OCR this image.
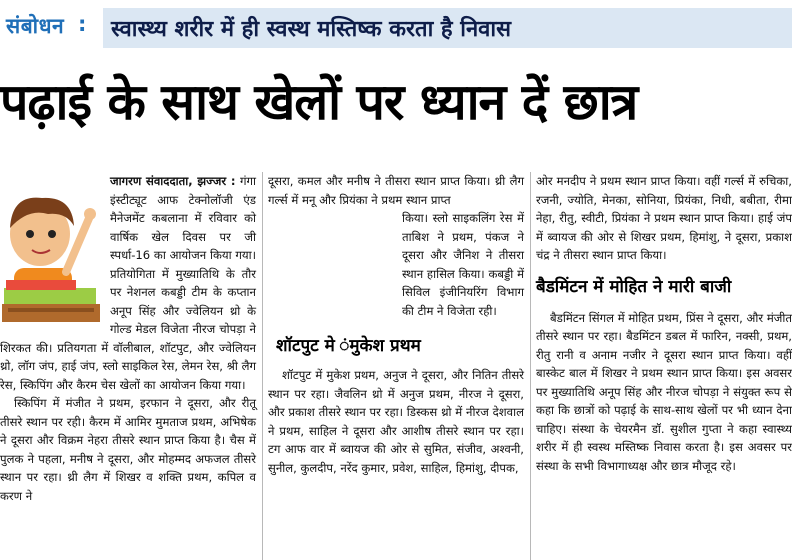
संबोधन : स्वास्थ्य शरीर में ही स्वस्थ मस्तिष्क करता है निवास
पढ़ाई के साथ खेलों पर ध्यान दें छात्र

जागरण संवाददाता, झज्जर : गंगा इंस्टीट्यूट आफ टेक्नोलॉजी एंड मैनेजमेंट कबलाना में रविवार को वार्षिक खेल दिवस पर जी स्पर्धा-16 का आयोजन किया गया। प्रतियोगिता में मुख्यातिथि के तौर पर नेशनल कबड्डी टीम के कप्तान अनूप सिंह और ज्वेलियन थ्रो के गोल्ड मेडल विजेता नीरज चोपड़ा ने शिरकत की। प्रतियगता में वॉलीबाल, शॉटपुट, और ज्वेलियन थ्रो, लॉग जंप, हाई जंप, स्लो साइकिल रेस, लेमन रेस, श्री लैग रेस, स्किपिंग और कैरम चेस खेलों का आयोजन किया गया।

स्किपिंग में मंजीत ने प्रथम, इरफान ने दूसरा, और रीतू तीसरे स्थान पर रही। कैरम में आमिर मुमताज प्रथम, अभिषेक ने दूसरा और विक्रम नेहरा तीसरे स्थान प्राप्त किया है। चैस में पुलक ने पहला, मनीष ने दूसरा, और मोहम्मद अफजल तीसरे स्थान पर रहा। थ्री लैग में शिखर व शक्ति प्रथम, कपिल व करण ने

दूसरा, कमल और मनीष ने तीसरा स्थान प्राप्त किया। थ्री लैग गर्ल्स में मनू और प्रियंका ने प्रथम स्थान प्राप्त

किया। स्लो साइकलिंग रेस में ताबिश ने प्रथम, पंकज ने दूसरा और जैनिश ने तीसरा स्थान हासिल किया। कबड्डी में सिविल इंजीनियरिंग विभाग की टीम ने विजेता रही।

शॉटपुट मे ंमुकेश प्रथम

शॉटपुट में मुकेश प्रथम, अनुज ने दूसरा, और नितिन तीसरे स्थान पर रहा। जैवलिन थ्रो में अनुज प्रथम, नीरज ने दूसरा, और प्रकाश तीसरे स्थान पर रहा। डिस्कस थ्रो में नीरज देशवाल ने प्रथम, साहिल ने दूसरा और आशीष तीसरे स्थान पर रहा। टग आफ वार में ब्वायज की ओर से सुमित, संजीव, अश्वनी, सुनील, कुलदीप, नरेंद कुमार, प्रवेश, साहिल, हिमांशु, दीपक,

ओर मनदीप ने प्रथम स्थान प्राप्त किया। वहीं गर्ल्स में रुचिका, रजनी, ज्योति, मेनका, सोनिया, प्रियंका, निधी, बबीता, रीमा नेहा, रीतु, स्वीटी, प्रियंका ने प्रथम स्थान प्राप्त किया। हाई जंप में ब्वायज की ओर से शिखर प्रथम, हिमांशु, ने दूसरा, प्रकाश चंद्र ने तीसरा स्थान प्राप्त किया।

बैडमिंटन में मोहित ने मारी बाजी

बैडमिंटन सिंगल में मोहित प्रथम, प्रिंस ने दूसरा, और मंजीत तीसरे स्थान पर रहा। बैडमिंटन डबल में फारिन, नक्सी, प्रथम, रीतु रानी व अनाम नजीर ने दूसरा स्थान प्राप्त किया। वहीं बास्केट बाल में शिखर ने प्रथम स्थान प्राप्त किया। इस अवसर पर मुख्यातिथि अनूप सिंह और नीरज चोपड़ा ने संयुक्त रूप से कहा कि छात्रों को पढ़ाई के साथ-साथ खेलों पर भी ध्यान देना चाहिए। संस्था के चेयरमैन डॉ. सुशील गुप्ता ने कहा स्वास्थ्य शरीर में ही स्वस्थ मस्तिष्क निवास करता है। इस अवसर पर संस्था के सभी विभागाध्यक्ष और छात्र मौजूद रहे।
